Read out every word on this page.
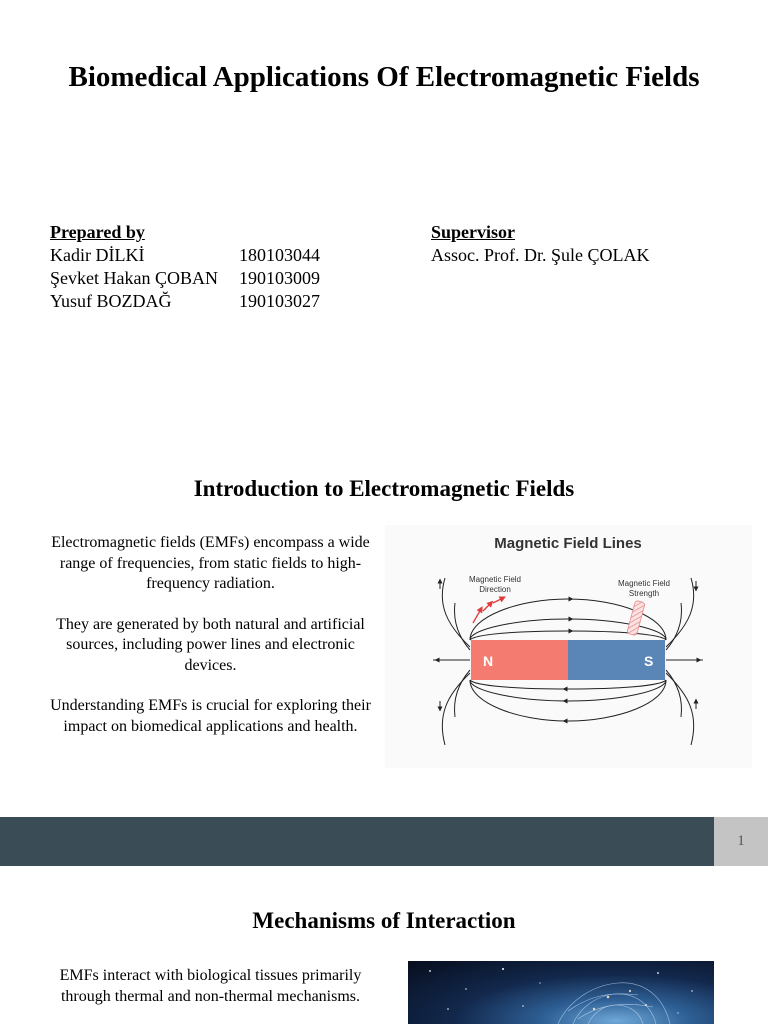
Biomedical Applications Of Electromagnetic Fields
Prepared by
Kadir DİLKİ	180103044
Şevket Hakan ÇOBAN	190103009
Yusuf BOZDAĞ	190103027
Supervisor
Assoc. Prof. Dr. Şule ÇOLAK
Introduction to Electromagnetic Fields

Electromagnetic fields (EMFs) encompass a wide range of frequencies, from static fields to high-frequency radiation.

They are generated by both natural and artificial sources, including power lines and electronic devices.

Understanding EMFs is crucial for exploring their impact on biomedical applications and health.

Magnetic Field Lines
Magnetic Field
Direction
Magnetic Field
Strength
N	S
1
Mechanisms of Interaction
EMFs interact with biological tissues primarily through thermal and non-thermal mechanisms.
